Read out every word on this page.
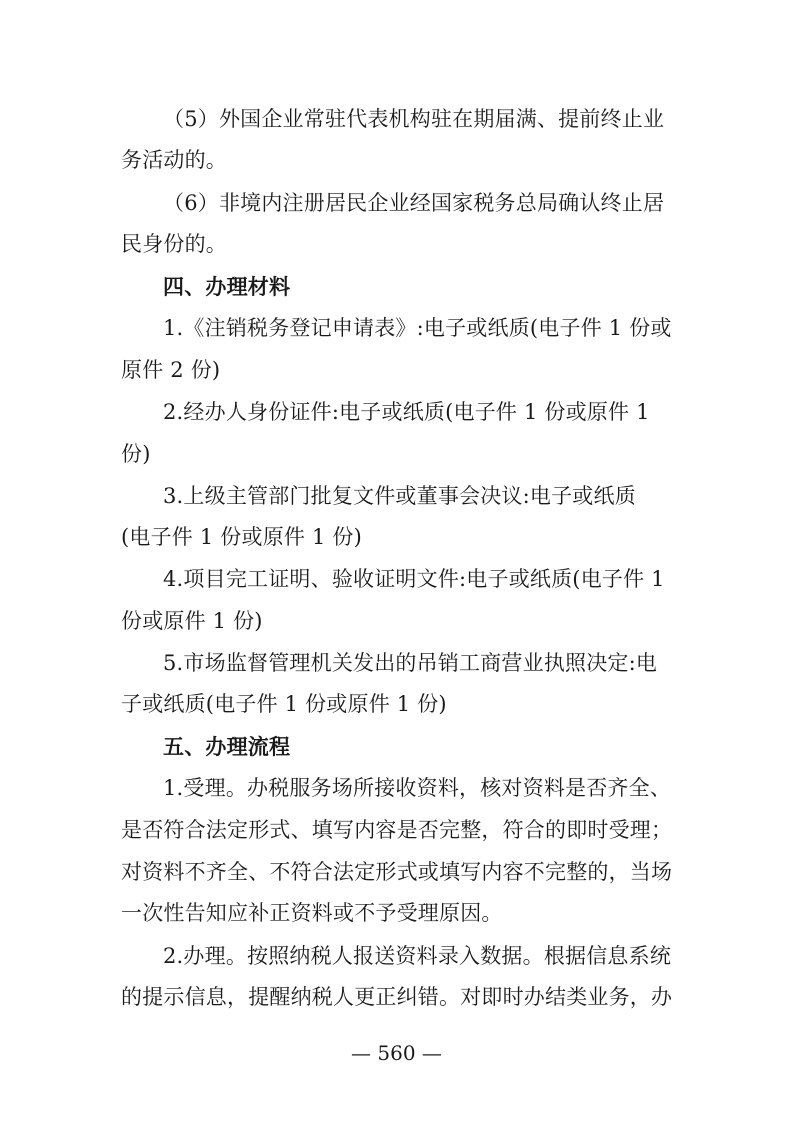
（5）外国企业常驻代表机构驻在期届满、提前终止业
务活动的。
（6）非境内注册居民企业经国家税务总局确认终止居
民身份的。
四、办理材料
1.《注销税务登记申请表》:电子或纸质(电子件 1 份或
原件 2 份)
2.经办人身份证件:电子或纸质(电子件 1 份或原件 1
份)
3.上级主管部门批复文件或董事会决议:电子或纸质
(电子件 1 份或原件 1 份)
4.项目完工证明、验收证明文件:电子或纸质(电子件 1
份或原件 1 份)
5.市场监督管理机关发出的吊销工商营业执照决定:电
子或纸质(电子件 1 份或原件 1 份)
五、办理流程
1.受理。办税服务场所接收资料，核对资料是否齐全、
是否符合法定形式、填写内容是否完整，符合的即时受理；
对资料不齐全、不符合法定形式或填写内容不完整的，当场
一次性告知应补正资料或不予受理原因。
2.办理。按照纳税人报送资料录入数据。根据信息系统
的提示信息，提醒纳税人更正纠错。对即时办结类业务，办
— 560 —
